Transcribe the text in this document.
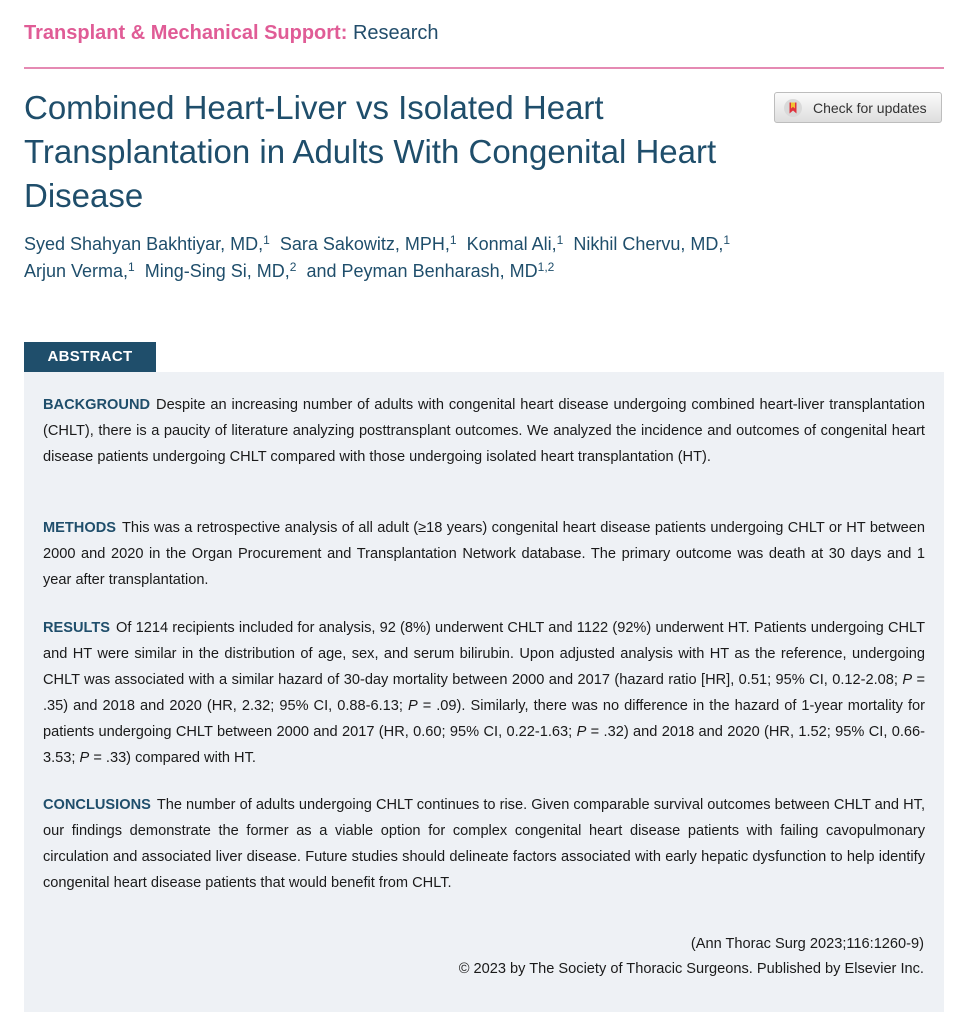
Transplant & Mechanical Support: Research
Combined Heart-Liver vs Isolated Heart Transplantation in Adults With Congenital Heart Disease
Check for updates
Syed Shahyan Bakhtiyar, MD,$^1$ Sara Sakowitz, MPH,$^1$ Konmal Ali,$^1$ Nikhil Chervu, MD,$^1$
Arjun Verma,$^1$ Ming-Sing Si, MD,$^2$ and Peyman Benharash, MD$^{1,2}$
ABSTRACT

BACKGROUND Despite an increasing number of adults with congenital heart disease undergoing combined heart-liver transplantation (CHLT), there is a paucity of literature analyzing posttransplant outcomes. We analyzed the incidence and outcomes of congenital heart disease patients undergoing CHLT compared with those undergoing isolated heart transplantation (HT).

METHODS This was a retrospective analysis of all adult (≥18 years) congenital heart disease patients undergoing CHLT or HT between 2000 and 2020 in the Organ Procurement and Transplantation Network database. The primary outcome was death at 30 days and 1 year after transplantation.

RESULTS Of 1214 recipients included for analysis, 92 (8%) underwent CHLT and 1122 (92%) underwent HT. Patients undergoing CHLT and HT were similar in the distribution of age, sex, and serum bilirubin. Upon adjusted analysis with HT as the reference, undergoing CHLT was associated with a similar hazard of 30-day mortality between 2000 and 2017 (hazard ratio [HR], 0.51; 95% CI, 0.12-2.08; P = .35) and 2018 and 2020 (HR, 2.32; 95% CI, 0.88-6.13; P = .09). Similarly, there was no difference in the hazard of 1-year mortality for patients undergoing CHLT between 2000 and 2017 (HR, 0.60; 95% CI, 0.22-1.63; P = .32) and 2018 and 2020 (HR, 1.52; 95% CI, 0.66-3.53; P = .33) compared with HT.

CONCLUSIONS The number of adults undergoing CHLT continues to rise. Given comparable survival outcomes between CHLT and HT, our findings demonstrate the former as a viable option for complex congenital heart disease patients with failing cavopulmonary circulation and associated liver disease. Future studies should delineate factors associated with early hepatic dysfunction to help identify congenital heart disease patients that would benefit from CHLT.

(Ann Thorac Surg 2023;116:1260-9)
© 2023 by The Society of Thoracic Surgeons. Published by Elsevier Inc.
